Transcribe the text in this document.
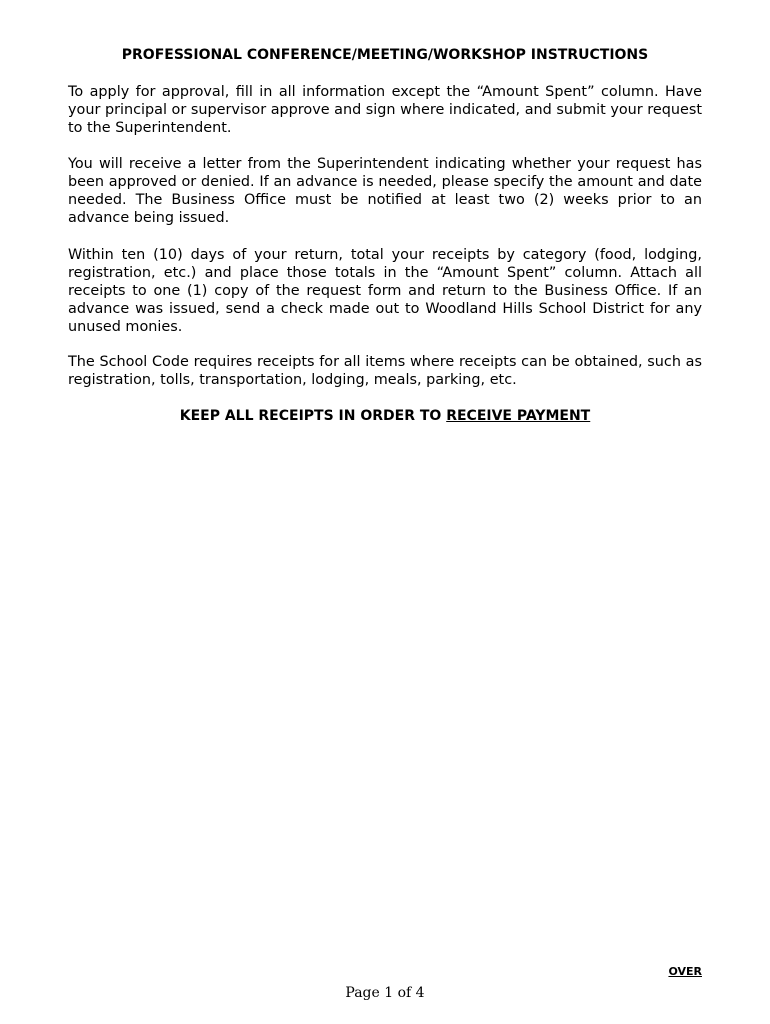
PROFESSIONAL CONFERENCE/MEETING/WORKSHOP INSTRUCTIONS

To apply for approval, fill in all information except the “Amount Spent” column. Have your principal or supervisor approve and sign where indicated, and submit your request to the Superintendent.

You will receive a letter from the Superintendent indicating whether your request has been approved or denied. If an advance is needed, please specify the amount and date needed. The Business Office must be notified at least two (2) weeks prior to an advance being issued.

Within ten (10) days of your return, total your receipts by category (food, lodging, registration, etc.) and place those totals in the “Amount Spent” column. Attach all receipts to one (1) copy of the request form and return to the Business Office. If an advance was issued, send a check made out to Woodland Hills School District for any unused monies.

The School Code requires receipts for all items where receipts can be obtained, such as registration, tolls, transportation, lodging, meals, parking, etc.

KEEP ALL RECEIPTS IN ORDER TO RECEIVE PAYMENT

OVER
Page 1 of 4
